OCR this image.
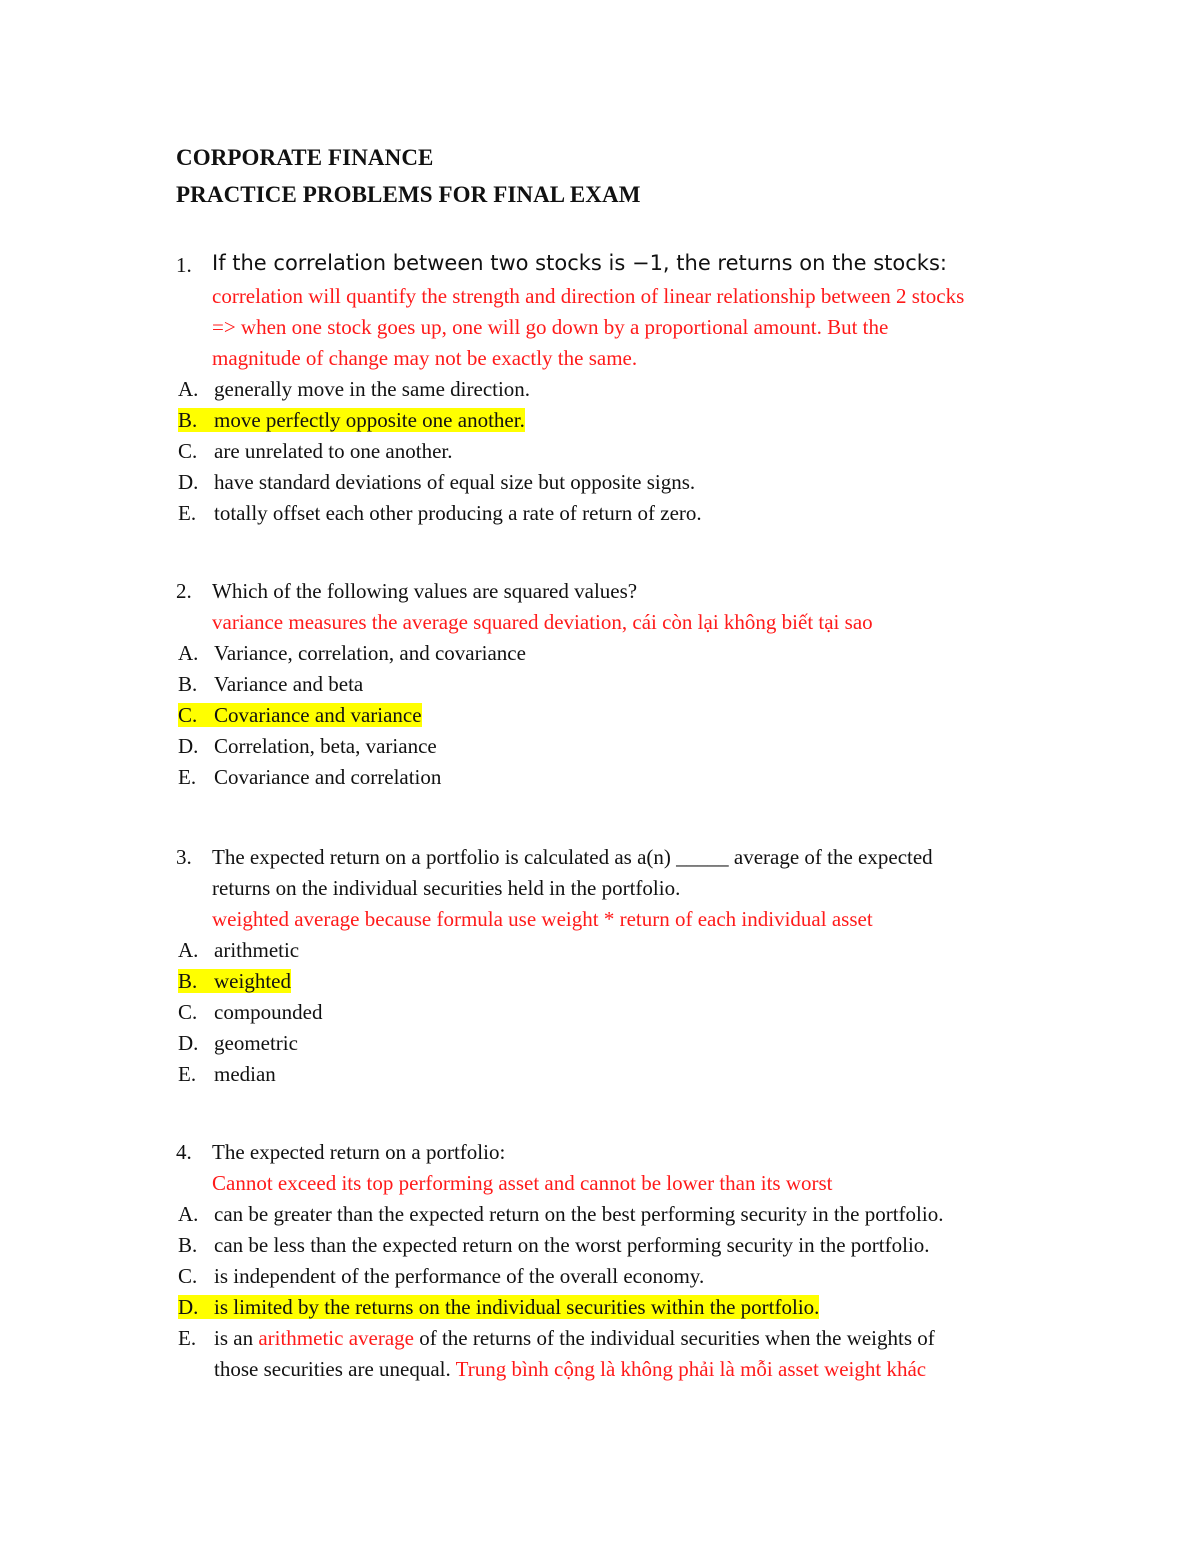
CORPORATE FINANCE
PRACTICE PROBLEMS FOR FINAL EXAM
1. If the correlation between two stocks is −1, the returns on the stocks:
correlation will quantify the strength and direction of linear relationship between 2 stocks
=> when one stock goes up, one will go down by a proportional amount. But the
magnitude of change may not be exactly the same.
A. generally move in the same direction.
B. move perfectly opposite one another.
C. are unrelated to one another.
D. have standard deviations of equal size but opposite signs.
E. totally offset each other producing a rate of return of zero.
2. Which of the following values are squared values?
variance measures the average squared deviation, cái còn lại không biết tại sao
A. Variance, correlation, and covariance
B. Variance and beta
C. Covariance and variance
D. Correlation, beta, variance
E. Covariance and correlation
3. The expected return on a portfolio is calculated as a(n) _____ average of the expected
returns on the individual securities held in the portfolio.
weighted average because formula use weight * return of each individual asset
A. arithmetic
B. weighted
C. compounded
D. geometric
E. median
4. The expected return on a portfolio:
Cannot exceed its top performing asset and cannot be lower than its worst
A. can be greater than the expected return on the best performing security in the portfolio.
B. can be less than the expected return on the worst performing security in the portfolio.
C. is independent of the performance of the overall economy.
D. is limited by the returns on the individual securities within the portfolio.
E. is an arithmetic average of the returns of the individual securities when the weights of
those securities are unequal. Trung bình cộng là không phải là mỗi asset weight khác
